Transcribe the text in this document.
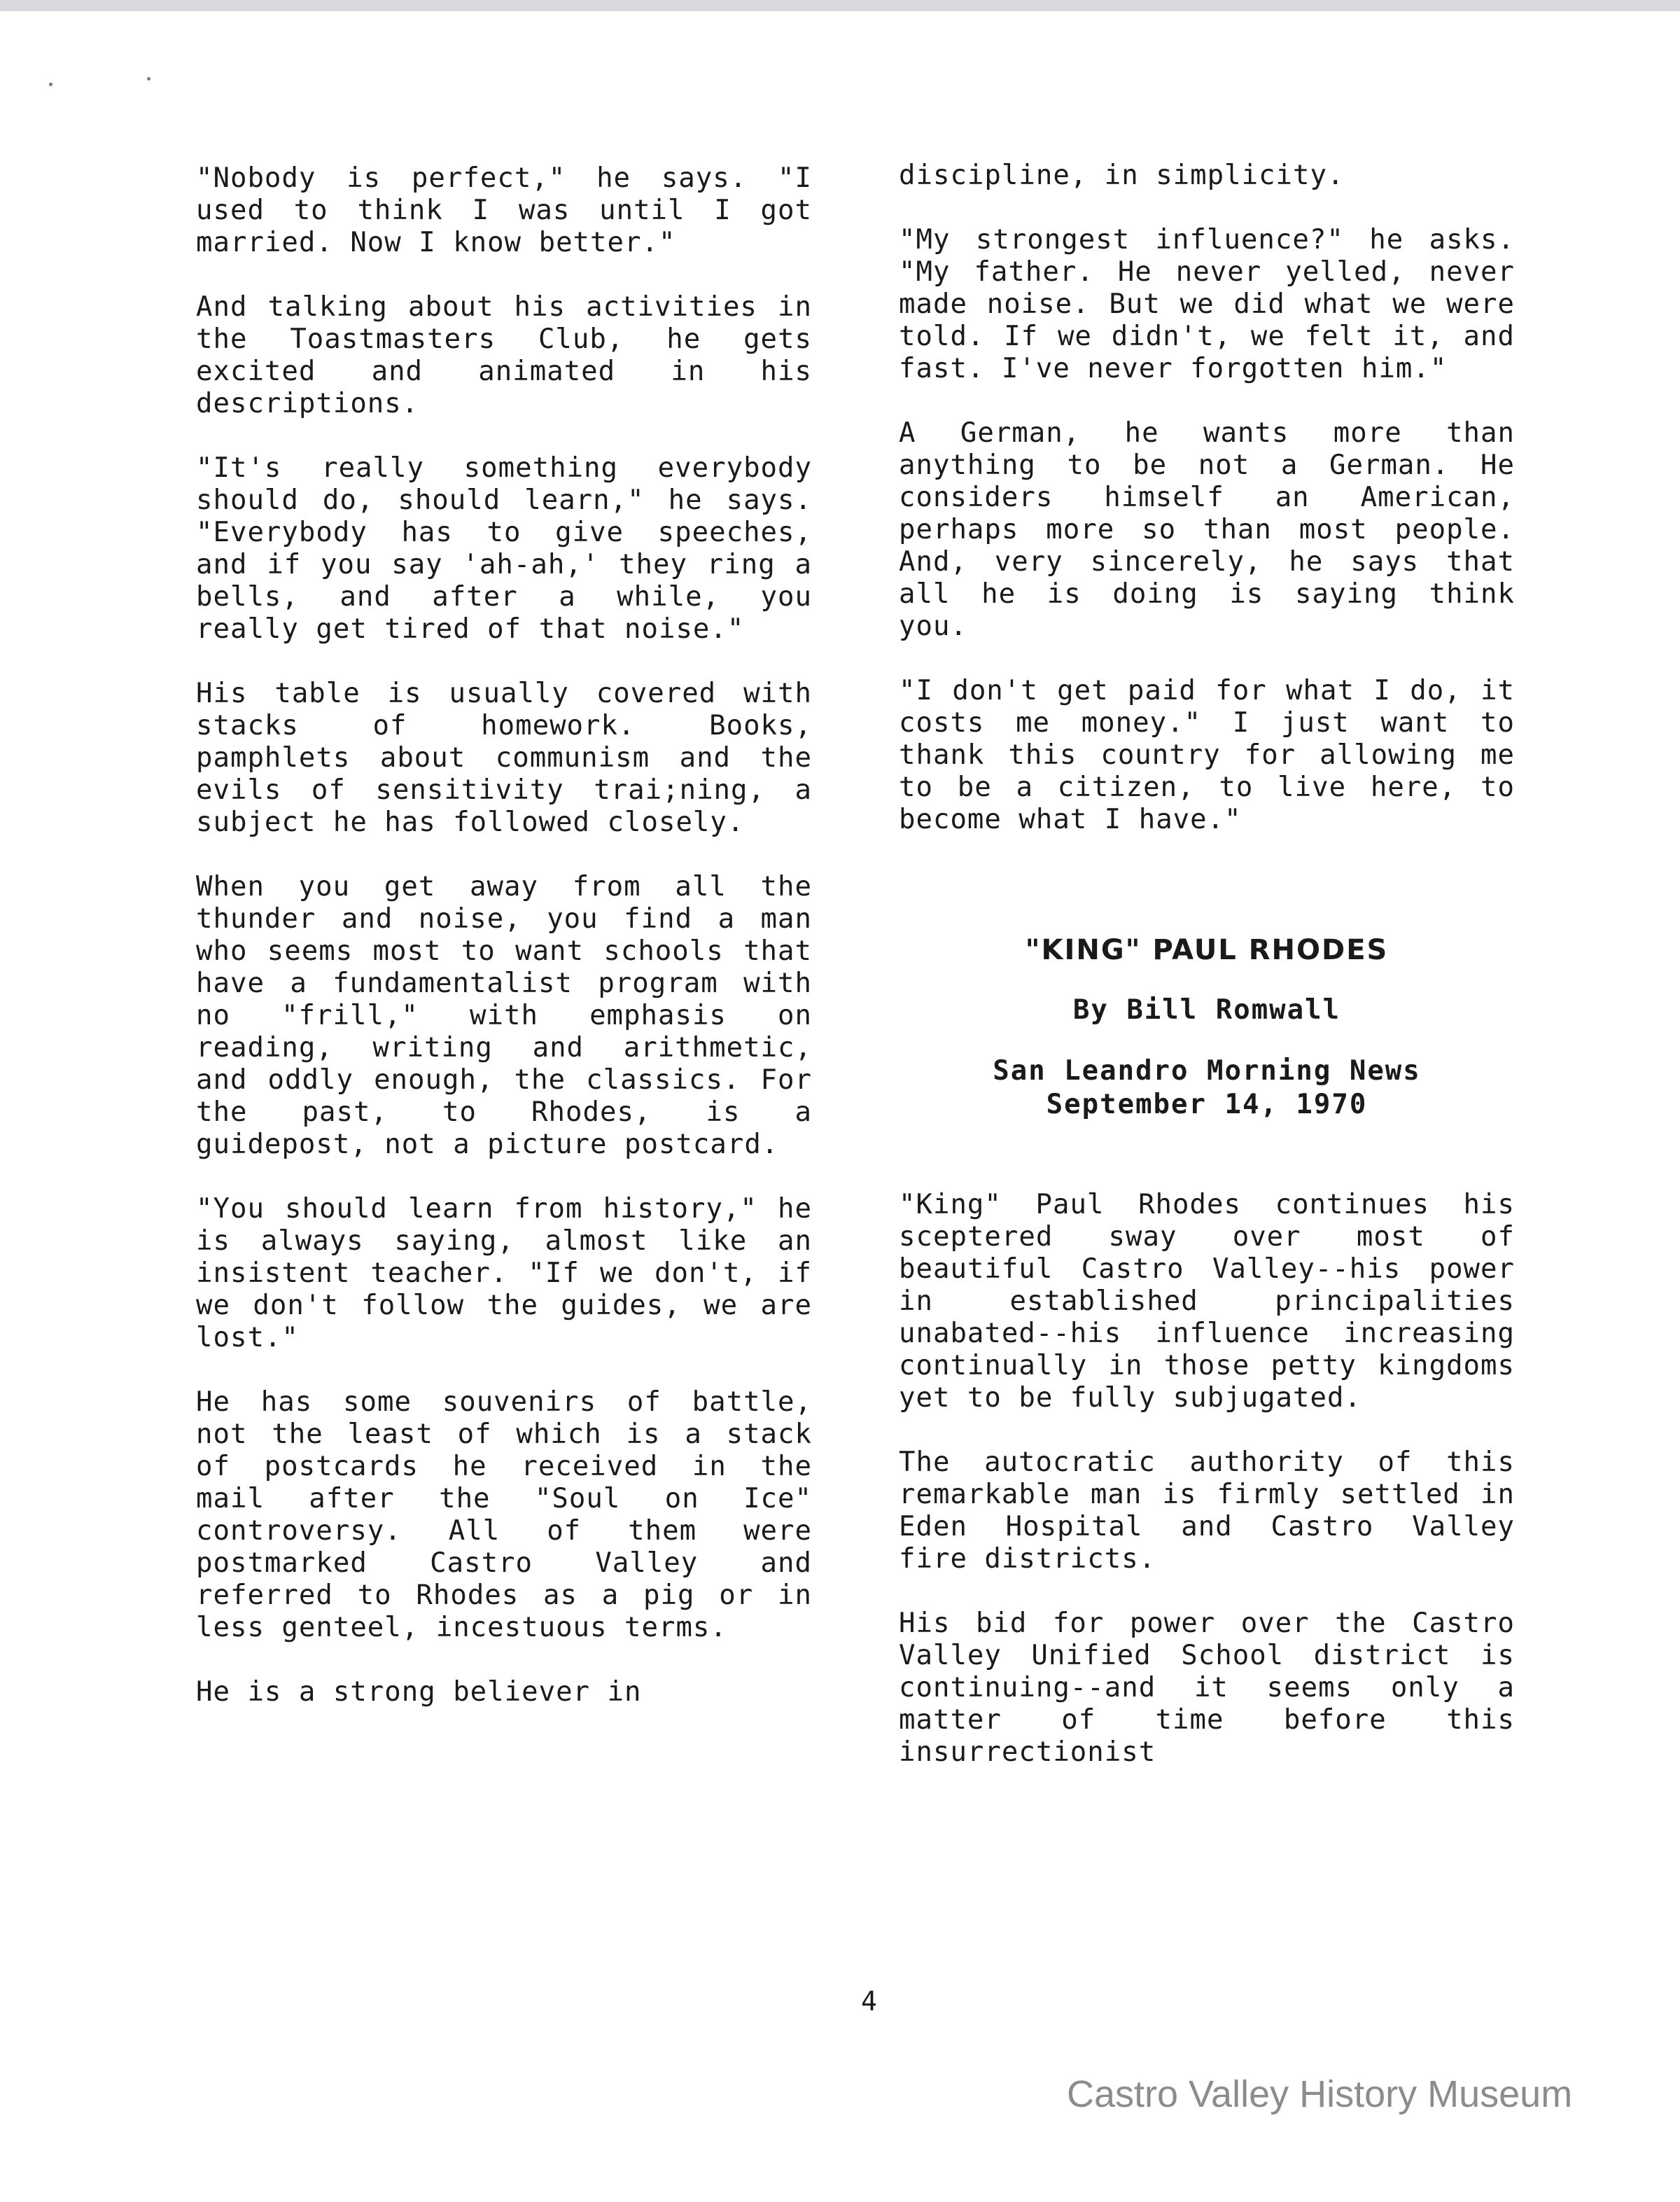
"Nobody is perfect," he says. "I used to think I was until I got married. Now I know better."

And talking about his activities in the Toastmasters Club, he gets excited and animated in his descriptions.

"It's really something everybody should do, should learn," he says. "Everybody has to give speeches, and if you say 'ah-ah,' they ring a bells, and after a while, you really get tired of that noise."

His table is usually covered with stacks of homework. Books, pamphlets about communism and the evils of sensitivity trai;ning, a subject he has followed closely.

When you get away from all the thunder and noise, you find a man who seems most to want schools that have a fundamentalist program with no "frill," with emphasis on reading, writing and arithmetic, and oddly enough, the classics. For the past, to Rhodes, is a guidepost, not a picture postcard.

"You should learn from history," he is always saying, almost like an insistent teacher. "If we don't, if we don't follow the guides, we are lost."

He has some souvenirs of battle, not the least of which is a stack of postcards he received in the mail after the "Soul on Ice" controversy. All of them were postmarked Castro Valley and referred to Rhodes as a pig or in less genteel, incestuous terms.

He is a strong believer in

discipline, in simplicity.

"My strongest influence?" he asks. "My father. He never yelled, never made noise. But we did what we were told. If we didn't, we felt it, and fast. I've never forgotten him."

A German, he wants more than anything to be not a German. He considers himself an American, perhaps more so than most people. And, very sincerely, he says that all he is doing is saying think you.

"I don't get paid for what I do, it costs me money." I just want to thank this country for allowing me to be a citizen, to live here, to become what I have."

"KING" PAUL RHODES
By Bill Romwall
San Leandro Morning News
September 14, 1970

"King" Paul Rhodes continues his sceptered sway over most of beautiful Castro Valley--his power in established principalities unabated--his influence increasing continually in those petty kingdoms yet to be fully subjugated.

The autocratic authority of this remarkable man is firmly settled in Eden Hospital and Castro Valley fire districts.

His bid for power over the Castro Valley Unified School district is continuing--and it seems only a matter of time before this insurrectionist

4
Castro Valley History Museum
